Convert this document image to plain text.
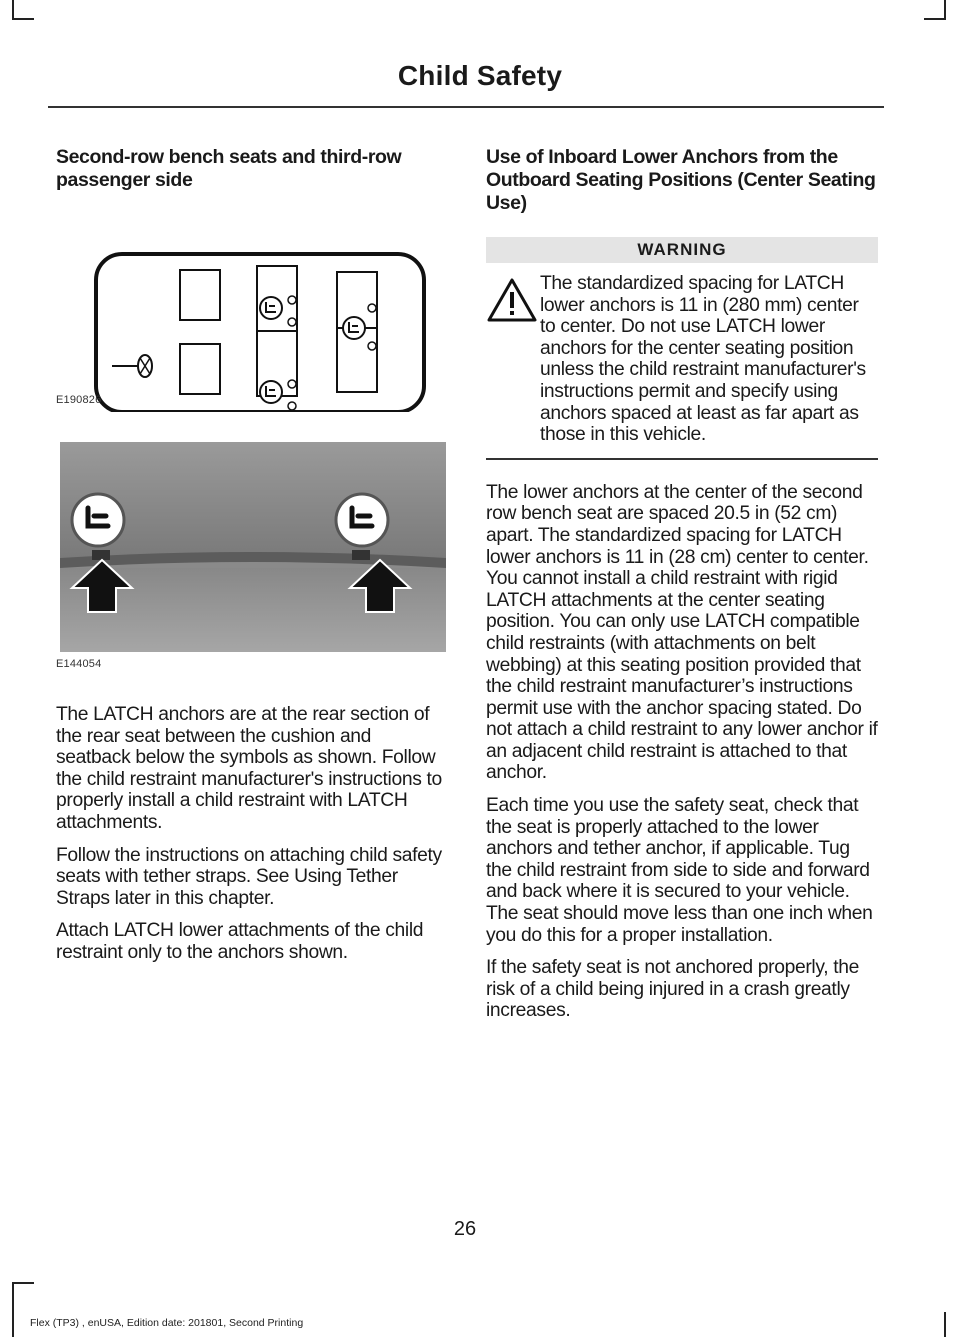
Child Safety
Second-row bench seats and third-row passenger side
E190826
E144054

The LATCH anchors are at the rear section of the rear seat between the cushion and seatback below the symbols as shown. Follow the child restraint manufacturer's instructions to properly install a child restraint with LATCH attachments.

Follow the instructions on attaching child safety seats with tether straps. See Using Tether Straps later in this chapter.

Attach LATCH lower attachments of the child restraint only to the anchors shown.

Use of Inboard Lower Anchors from the Outboard Seating Positions (Center Seating Use)
WARNING

The standardized spacing for LATCH lower anchors is 11 in (280 mm) center to center. Do not use LATCH lower anchors for the center seating position unless the child restraint manufacturer's instructions permit and specify using anchors spaced at least as far apart as those in this vehicle.

The lower anchors at the center of the second row bench seat are spaced 20.5 in (52 cm) apart. The standardized spacing for LATCH lower anchors is 11 in (28 cm) center to center. You cannot install a child restraint with rigid LATCH attachments at the center seating position. You can only use LATCH compatible child restraints (with attachments on belt webbing) at this seating position provided that the child restraint manufacturer’s instructions permit use with the anchor spacing stated. Do not attach a child restraint to any lower anchor if an adjacent child restraint is attached to that anchor.

Each time you use the safety seat, check that the seat is properly attached to the lower anchors and tether anchor, if applicable. Tug the child restraint from side to side and forward and back where it is secured to your vehicle. The seat should move less than one inch when you do this for a proper installation.

If the safety seat is not anchored properly, the risk of a child being injured in a crash greatly increases.

26
Flex (TP3) , enUSA, Edition date: 201801, Second Printing
